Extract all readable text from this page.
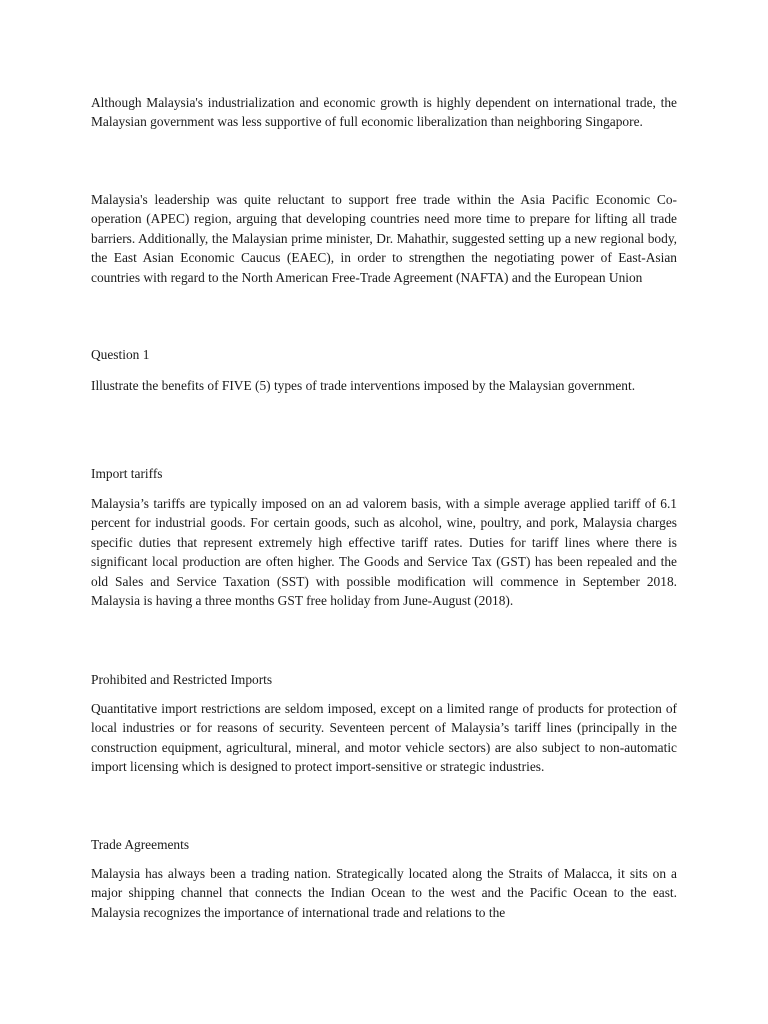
Although Malaysia's industrialization and economic growth is highly dependent on international trade, the Malaysian government was less supportive of full economic liberalization than neighboring Singapore.

Malaysia's leadership was quite reluctant to support free trade within the Asia Pacific Economic Co-operation (APEC) region, arguing that developing countries need more time to prepare for lifting all trade barriers. Additionally, the Malaysian prime minister, Dr. Mahathir, suggested setting up a new regional body, the East Asian Economic Caucus (EAEC), in order to strengthen the negotiating power of East-Asian countries with regard to the North American Free-Trade Agreement (NAFTA) and the European Union

Question 1

Illustrate the benefits of FIVE (5) types of trade interventions imposed by the Malaysian government.

Import tariffs

Malaysia’s tariffs are typically imposed on an ad valorem basis, with a simple average applied tariff of 6.1 percent for industrial goods. For certain goods, such as alcohol, wine, poultry, and pork, Malaysia charges specific duties that represent extremely high effective tariff rates. Duties for tariff lines where there is significant local production are often higher. The Goods and Service Tax (GST) has been repealed and the old Sales and Service Taxation (SST) with possible modification will commence in September 2018. Malaysia is having a three months GST free holiday from June-August (2018).

Prohibited and Restricted Imports

Quantitative import restrictions are seldom imposed, except on a limited range of products for protection of local industries or for reasons of security. Seventeen percent of Malaysia’s tariff lines (principally in the construction equipment, agricultural, mineral, and motor vehicle sectors) are also subject to non-automatic import licensing which is designed to protect import-sensitive or strategic industries.

Trade Agreements

Malaysia has always been a trading nation. Strategically located along the Straits of Malacca, it sits on a major shipping channel that connects the Indian Ocean to the west and the Pacific Ocean to the east. Malaysia recognizes the importance of international trade and relations to the
